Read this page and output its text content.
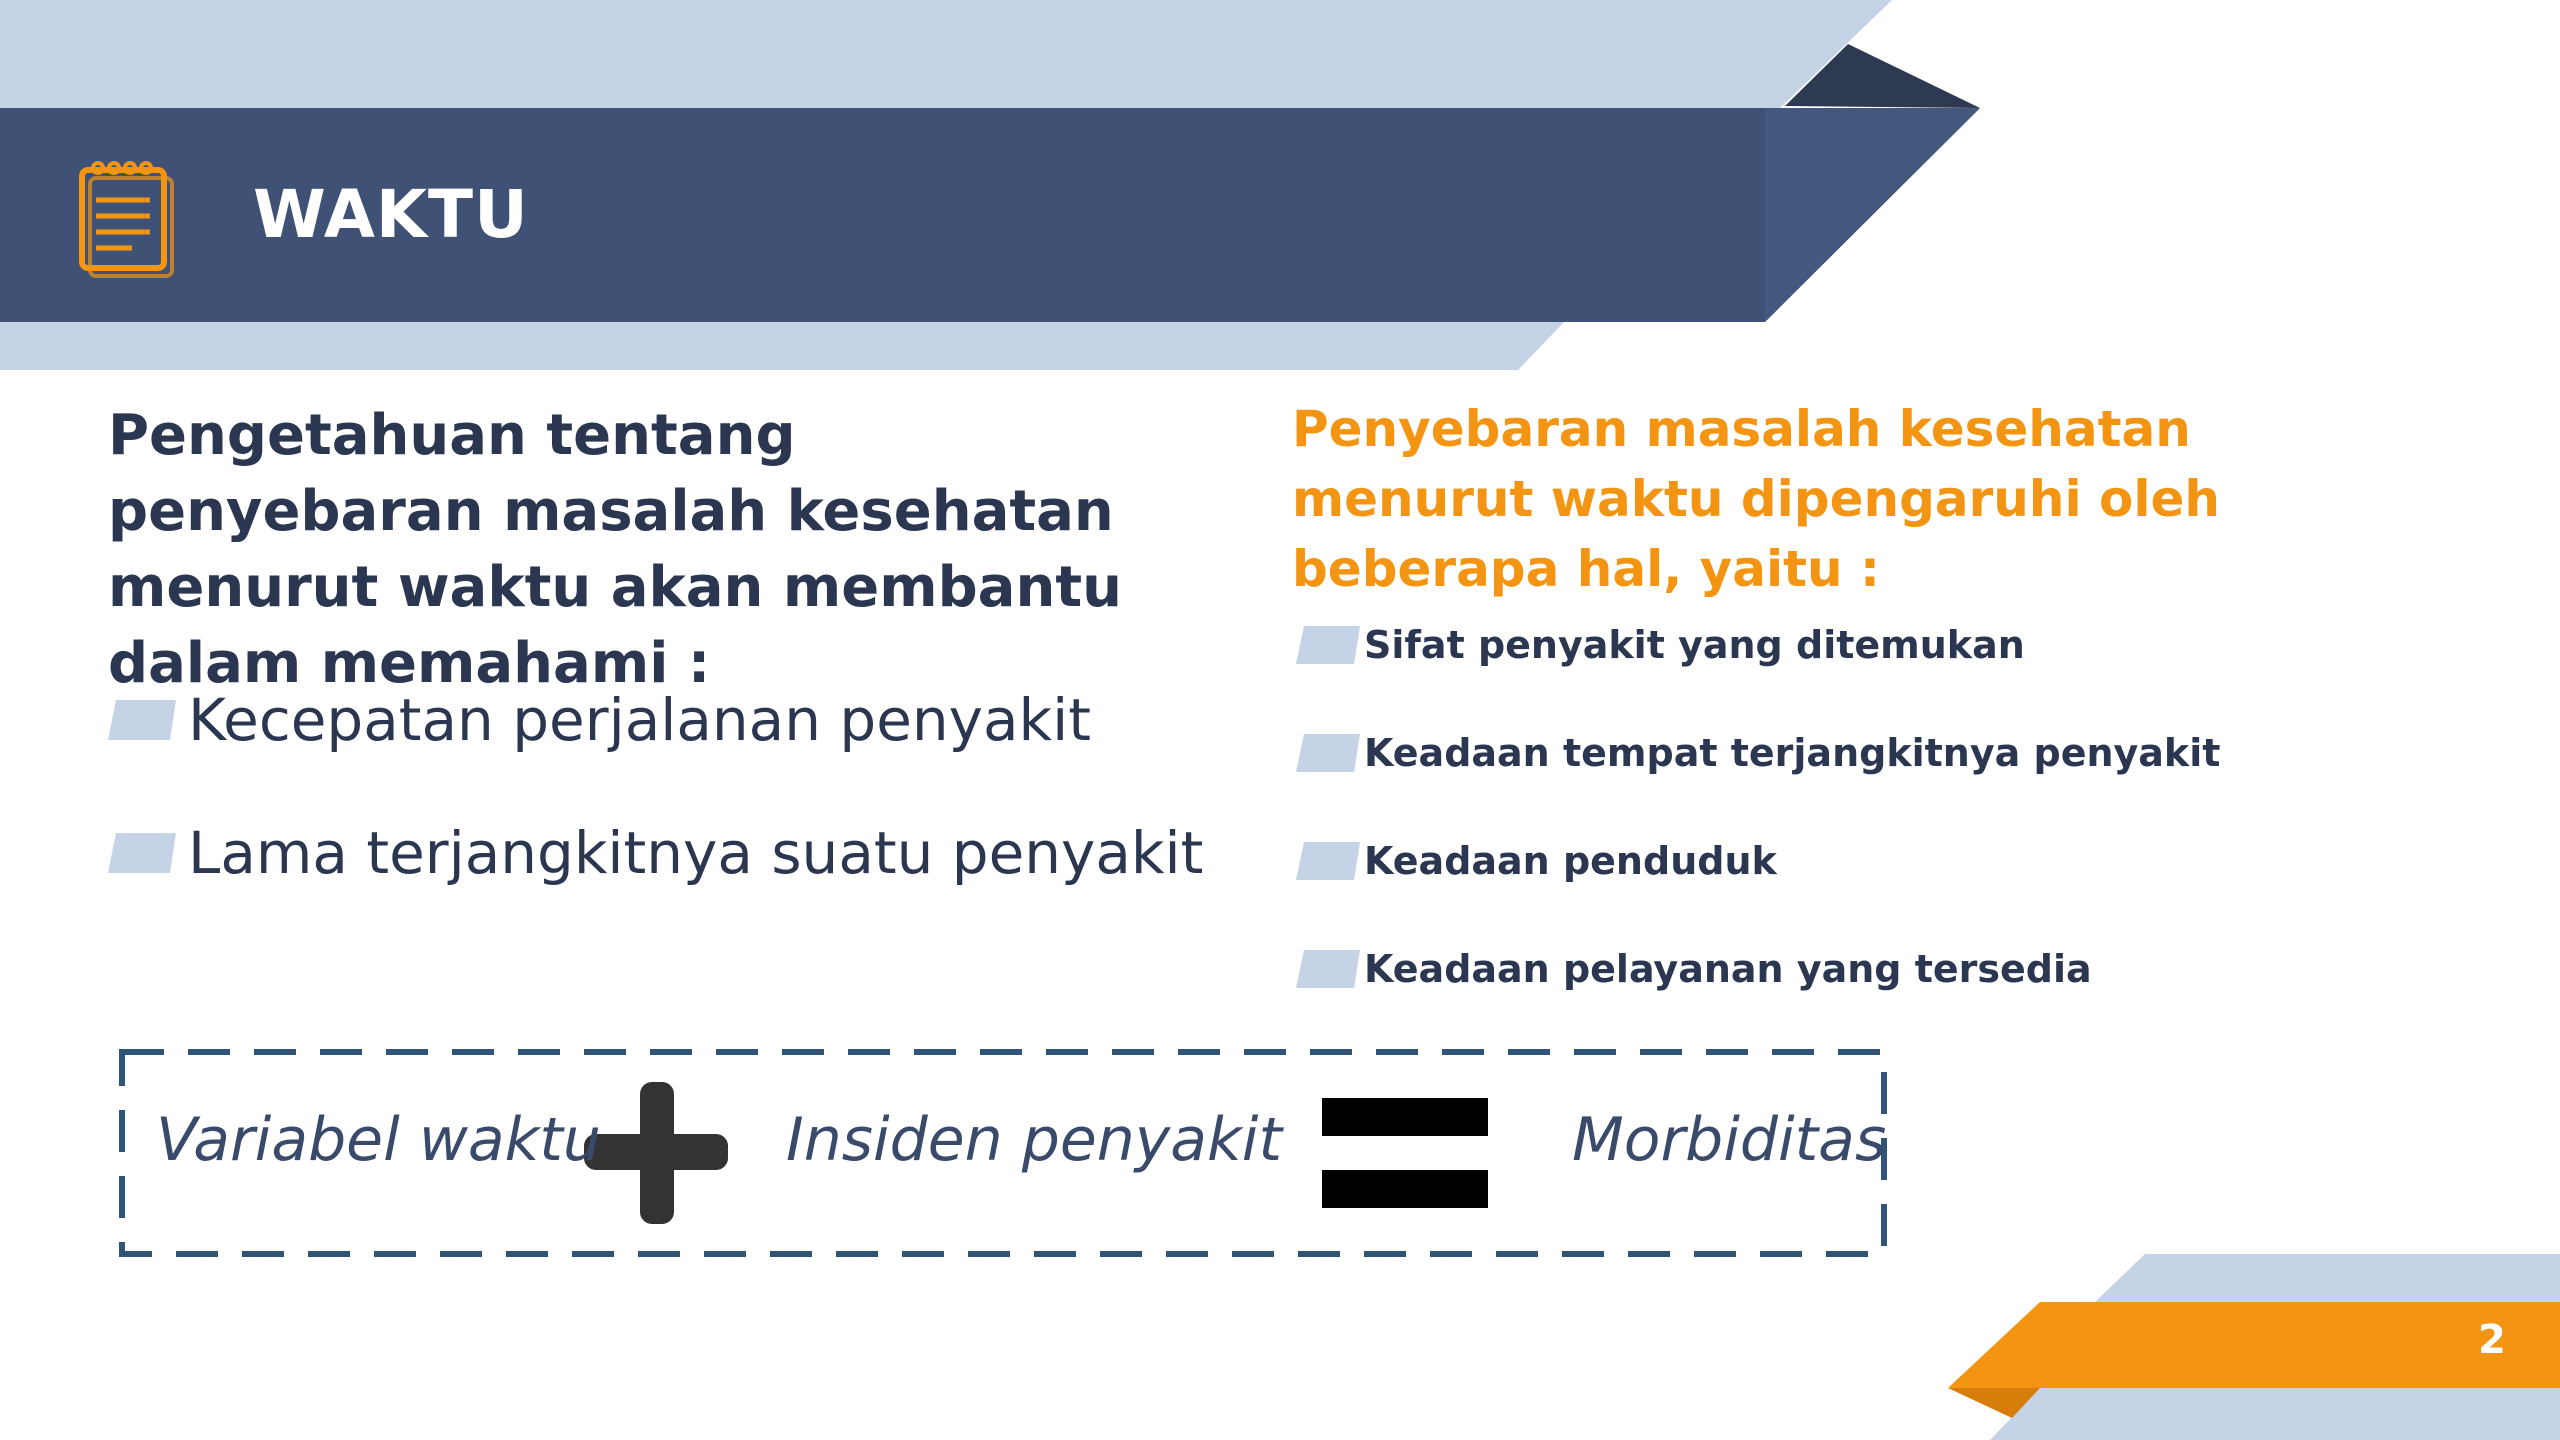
WAKTU

Pengetahuan tentang penyebaran masalah kesehatan menurut waktu akan membantu dalam memahami :

Kecepatan perjalanan penyakit
Lama terjangkitnya suatu penyakit

Penyebaran masalah kesehatan menurut waktu dipengaruhi oleh beberapa hal, yaitu :

Sifat penyakit yang ditemukan
Keadaan tempat terjangkitnya penyakit
Keadaan penduduk
Keadaan pelayanan yang tersedia
Variabel waktu	Insiden penyakit	Morbiditas
2
